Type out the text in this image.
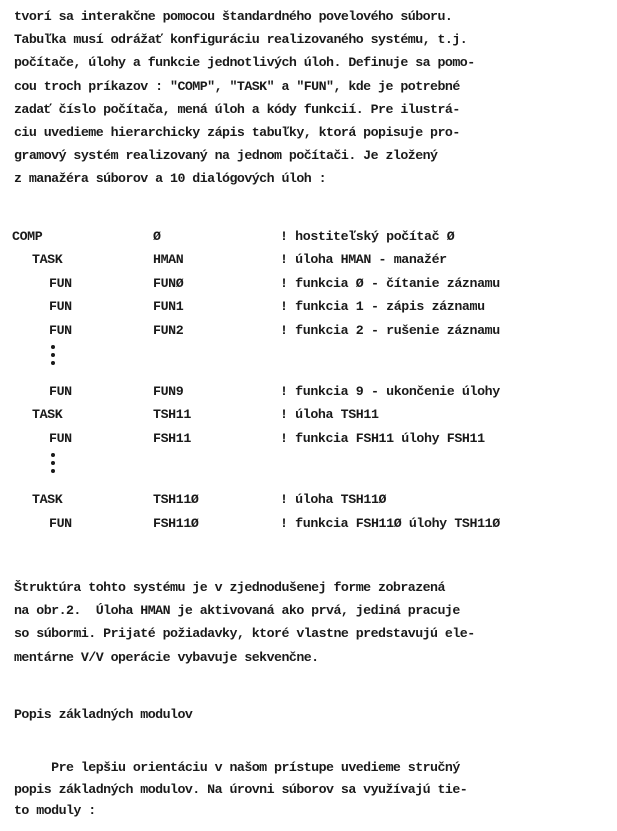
tvorí sa interakčne pomocou štandardného povelového súboru.
Tabuľka musí odrážať konfiguráciu realizovaného systému, t.j.
počítače, úlohy a funkcie jednotlivých úloh. Definuje sa pomo-
cou troch príkazov : "COMP", "TASK" a "FUN", kde je potrebné
zadať číslo počítača, mená úloh a kódy funkcií. Pre ilustrá-
ciu uvedieme hierarchicky zápis tabuľky, ktorá popisuje pro-
gramový systém realizovaný na jednom počítači. Je zložený
z manažéra súborov a 10 dialógových úloh :

COMP	Ø	! hostiteľský počítač Ø
TASK	HMAN	! úloha HMAN - manažér
FUN	FUNØ	! funkcia Ø - čítanie záznamu
FUN	FUN1	! funkcia 1 - zápis záznamu
FUN	FUN2	! funkcia 2 - rušenie záznamu
FUN	FUN9	! funkcia 9 - ukončenie úlohy
TASK	TSH11	! úloha TSH11
FUN	FSH11	! funkcia FSH11 úlohy FSH11
TASK	TSH11Ø	! úloha TSH11Ø
FUN	FSH11Ø	! funkcia FSH11Ø úlohy TSH11Ø

Štruktúra tohto systému je v zjednodušenej forme zobrazená
na obr.2.  Úloha HMAN je aktivovaná ako prvá, jediná pracuje
so súbormi. Prijaté požiadavky, ktoré vlastne predstavujú ele-
mentárne V/V operácie vybavuje sekvenčne.

Popis základných modulov

Pre lepšiu orientáciu v našom prístupe uvedieme stručný
popis základných modulov. Na úrovni súborov sa využívajú tie-
to moduly :
